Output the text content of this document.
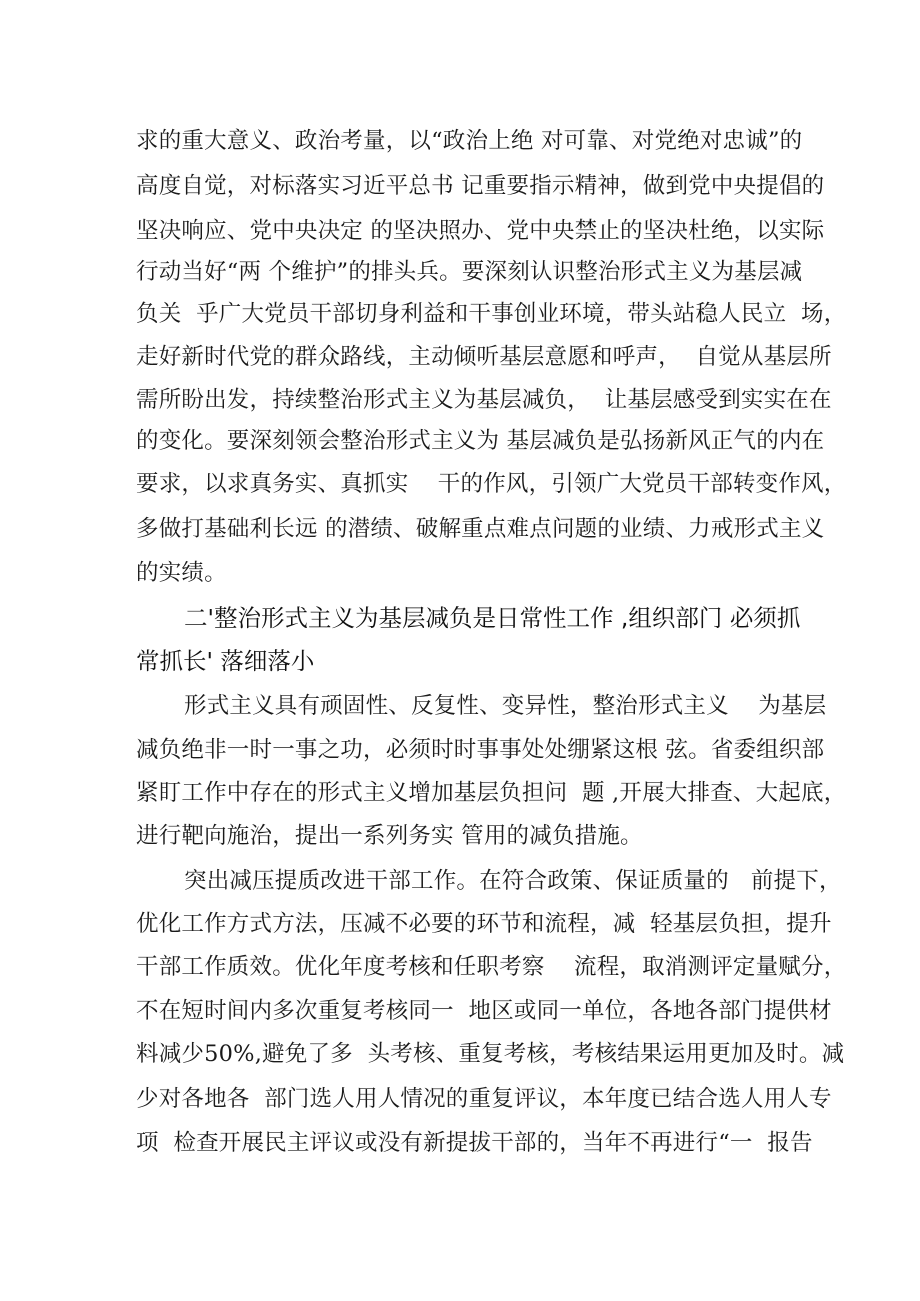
求的重大意义、政治考量，以“政治上绝 对可靠、对党绝对忠诚”的
高度自觉，对标落实习近平总书 记重要指示精神，做到党中央提倡的
坚决响应、党中央决定 的坚决照办、党中央禁止的坚决杜绝，以实际
行动当好“两 个维护”的排头兵。要深刻认识整治形式主义为基层减
负关  乎广大党员干部切身利益和干事创业环境，带头站稳人民立  场，
走好新时代党的群众路线，主动倾听基层意愿和呼声，  自觉从基层所
需所盼出发，持续整治形式主义为基层减负，  让基层感受到实实在在
的变化。要深刻领会整治形式主义为 基层减负是弘扬新风正气的内在
要求，以求真务实、真抓实    干的作风，引领广大党员干部转变作风，
多做打基础利长远 的潜绩、破解重点难点问题的业绩、力戒形式主义
的实绩。
二'整治形式主义为基层减负是日常性工作 ,组织部门 必须抓
常抓长' 落细落小
形式主义具有顽固性、反复性、变异性，整治形式主义    为基层
减负绝非一时一事之功，必须时时事事处处绷紧这根 弦。省委组织部
紧盯工作中存在的形式主义增加基层负担问  题 ,开展大排查、大起底，
进行靶向施治，提出一系列务实 管用的减负措施。
突出减压提质改进干部工作。在符合政策、保证质量的   前提下，
优化工作方式方法，压减不必要的环节和流程，减  轻基层负担，提升
干部工作质效。优化年度考核和任职考察    流程，取消测评定量赋分，
不在短时间内多次重复考核同一  地区或同一单位，各地各部门提供材
料减少50%,避免了多  头考核、重复考核，考核结果运用更加及时。减
少对各地各  部门选人用人情况的重复评议，本年度已结合选人用人专
项  检查开展民主评议或没有新提拔干部的，当年不再进行“一  报告
